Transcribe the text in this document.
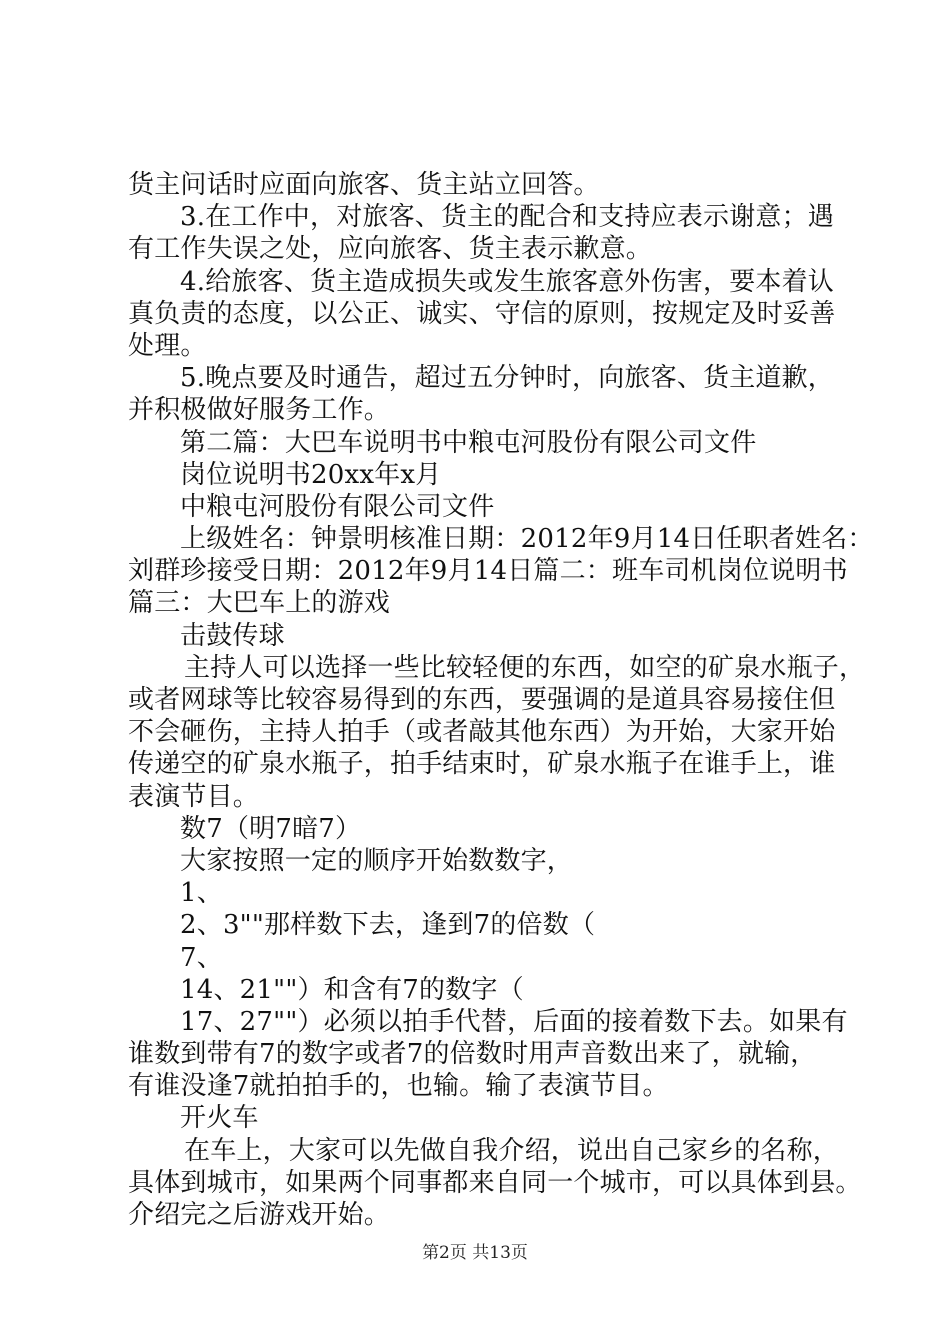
货主问话时应面向旅客、货主站立回答。
3.在工作中，对旅客、货主的配合和支持应表示谢意；遇
有工作失误之处，应向旅客、货主表示歉意。
4.给旅客、货主造成损失或发生旅客意外伤害，要本着认
真负责的态度，以公正、诚实、守信的原则，按规定及时妥善
处理。
5.晚点要及时通告，超过五分钟时，向旅客、货主道歉，
并积极做好服务工作。
第二篇：大巴车说明书中粮屯河股份有限公司文件
岗位说明书20xx年x月
中粮屯河股份有限公司文件
上级姓名：钟景明核准日期：2012年9月14日任职者姓名：
刘群珍接受日期：2012年9月14日篇二：班车司机岗位说明书
篇三：大巴车上的游戏
击鼓传球
主持人可以选择一些比较轻便的东西，如空的矿泉水瓶子，
或者网球等比较容易得到的东西，要强调的是道具容易接住但
不会砸伤，主持人拍手（或者敲其他东西）为开始，大家开始
传递空的矿泉水瓶子，拍手结束时，矿泉水瓶子在谁手上，谁
表演节目。
数7（明7暗7）
大家按照一定的顺序开始数数字，
1、
2、3""那样数下去，逢到7的倍数（
7、
14、21""）和含有7的数字（
17、27""）必须以拍手代替，后面的接着数下去。如果有
谁数到带有7的数字或者7的倍数时用声音数出来了，就输，
有谁没逢7就拍拍手的，也输。输了表演节目。
开火车
在车上，大家可以先做自我介绍，说出自己家乡的名称，
具体到城市，如果两个同事都来自同一个城市，可以具体到县。
介绍完之后游戏开始。
第2页 共13页
